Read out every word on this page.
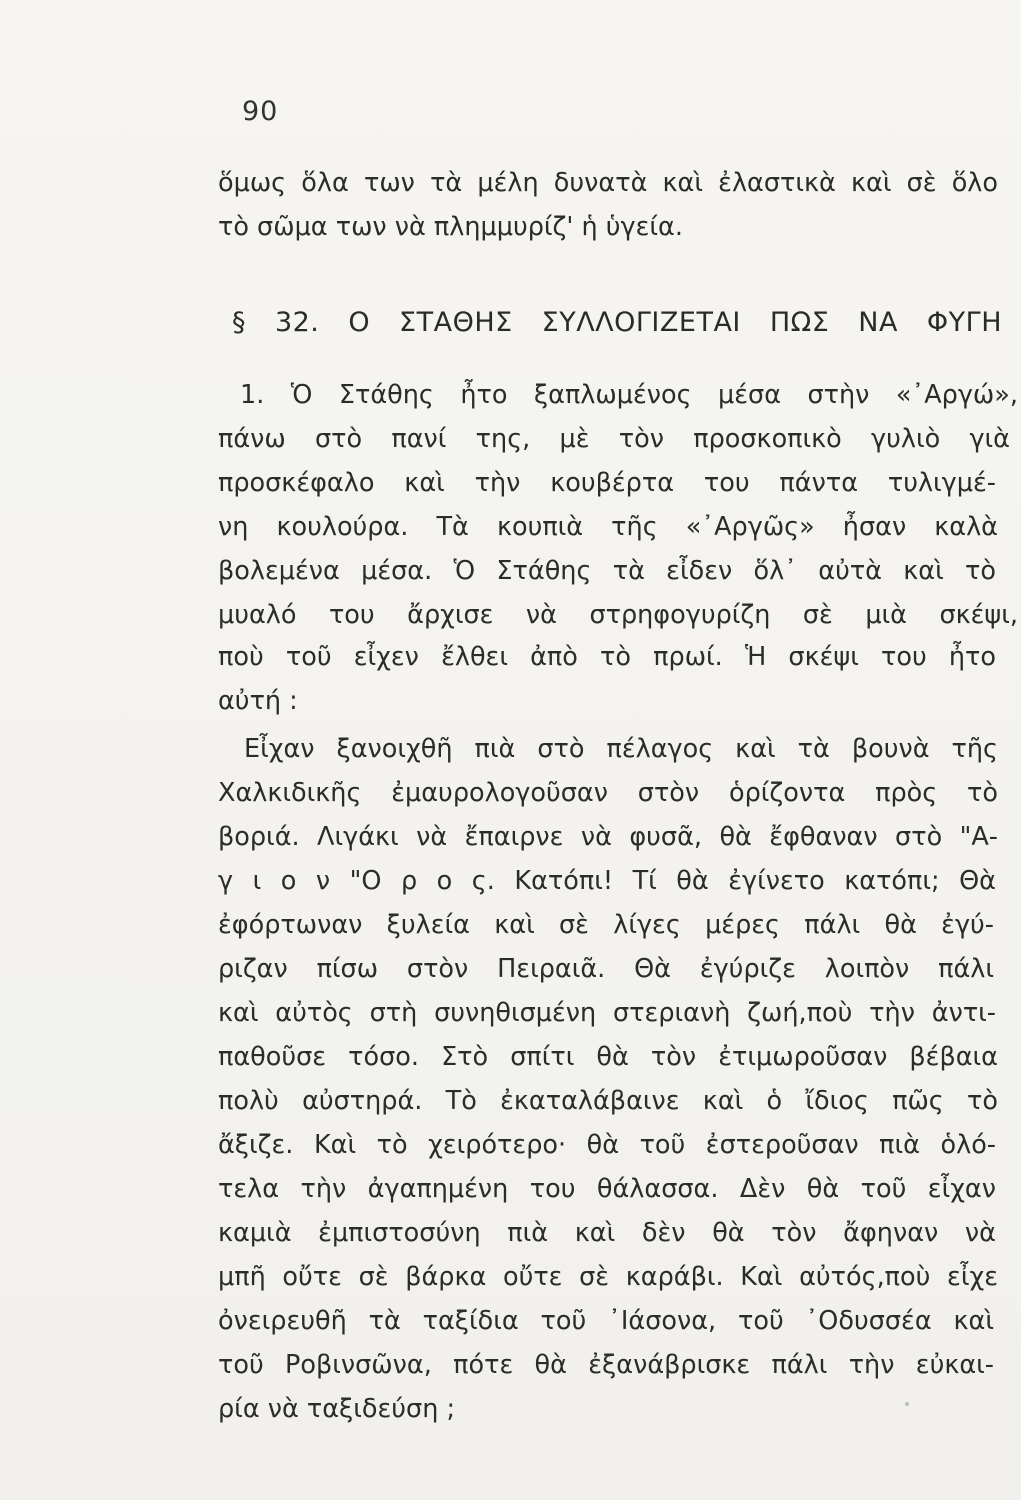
90
ὅμως ὅλα των τὰ μέλη δυνατὰ καὶ ἐλαστικὰ καὶ σὲ ὅλο
τὸ σῶμα των νὰ πλημμυρίζ' ἡ ὑγεία.
§ 32. Ο ΣΤΑΘΗΣ ΣΥΛΛΟΓΙΖΕΤΑΙ ΠΩΣ ΝΑ ΦΥΓΗ
1. Ὁ Στάθης ἦτο ξαπλωμένος μέσα στὴν «᾿Αργώ»,
πάνω στὸ πανί της, μὲ τὸν προσκοπικὸ γυλιὸ γιὰ
προσκέφαλο καὶ τὴν κουβέρτα του πάντα τυλιγμέ-
νη κουλούρα. Τὰ κουπιὰ τῆς «᾿Αργῶς» ἦσαν καλὰ
βολεμένα μέσα. Ὁ Στάθης τὰ εἶδεν ὅλ᾿ αὐτὰ καὶ τὸ
μυαλό του ἄρχισε νὰ στρηφογυρίζη σὲ μιὰ σκέψι,
ποὺ τοῦ εἶχεν ἔλθει ἀπὸ τὸ πρωί. Ἡ σκέψι του ἦτο
αὐτή :
Εἶχαν ξανοιχθῆ πιὰ στὸ πέλαγος καὶ τὰ βουνὰ τῆς
Χαλκιδικῆς ἐμαυρολογοῦσαν στὸν ὁρίζοντα πρὸς τὸ
βοριά. Λιγάκι νὰ ἔπαιρνε νὰ φυσᾶ, θὰ ἔφθαναν στὸ "Α-
γ ι ο ν "Ο ρ ο ς. Κατόπι! Τί θὰ ἐγίνετο κατόπι; Θὰ
ἐφόρτωναν ξυλεία καὶ σὲ λίγες μέρες πάλι θὰ ἐγύ-
ριζαν πίσω στὸν Πειραιᾶ. Θὰ ἐγύριζε λοιπὸν πάλι
καὶ αὐτὸς στὴ συνηθισμένη στεριανὴ ζωή,ποὺ τὴν ἀντι-
παθοῦσε τόσο. Στὸ σπίτι θὰ τὸν ἐτιμωροῦσαν βέβαια
πολὺ αὐστηρά. Τὸ ἐκαταλάβαινε καὶ ὁ ἴδιος πῶς τὸ
ἄξιζε. Καὶ τὸ χειρότερο· θὰ τοῦ ἐστεροῦσαν πιὰ ὁλό-
τελα τὴν ἀγαπημένη του θάλασσα. Δὲν θὰ τοῦ εἶχαν
καμιὰ ἐμπιστοσύνη πιὰ καὶ δὲν θὰ τὸν ἄφηναν νὰ
μπῆ οὔτε σὲ βάρκα οὔτε σὲ καράβι. Καὶ αὐτός,ποὺ εἶχε
ὀνειρευθῆ τὰ ταξίδια τοῦ ᾿Ιάσονα, τοῦ ᾿Οδυσσέα καὶ
τοῦ Ροβινσῶνα, πότε θὰ ἐξανάβρισκε πάλι τὴν εὐκαι-
ρία νὰ ταξιδεύση ;
